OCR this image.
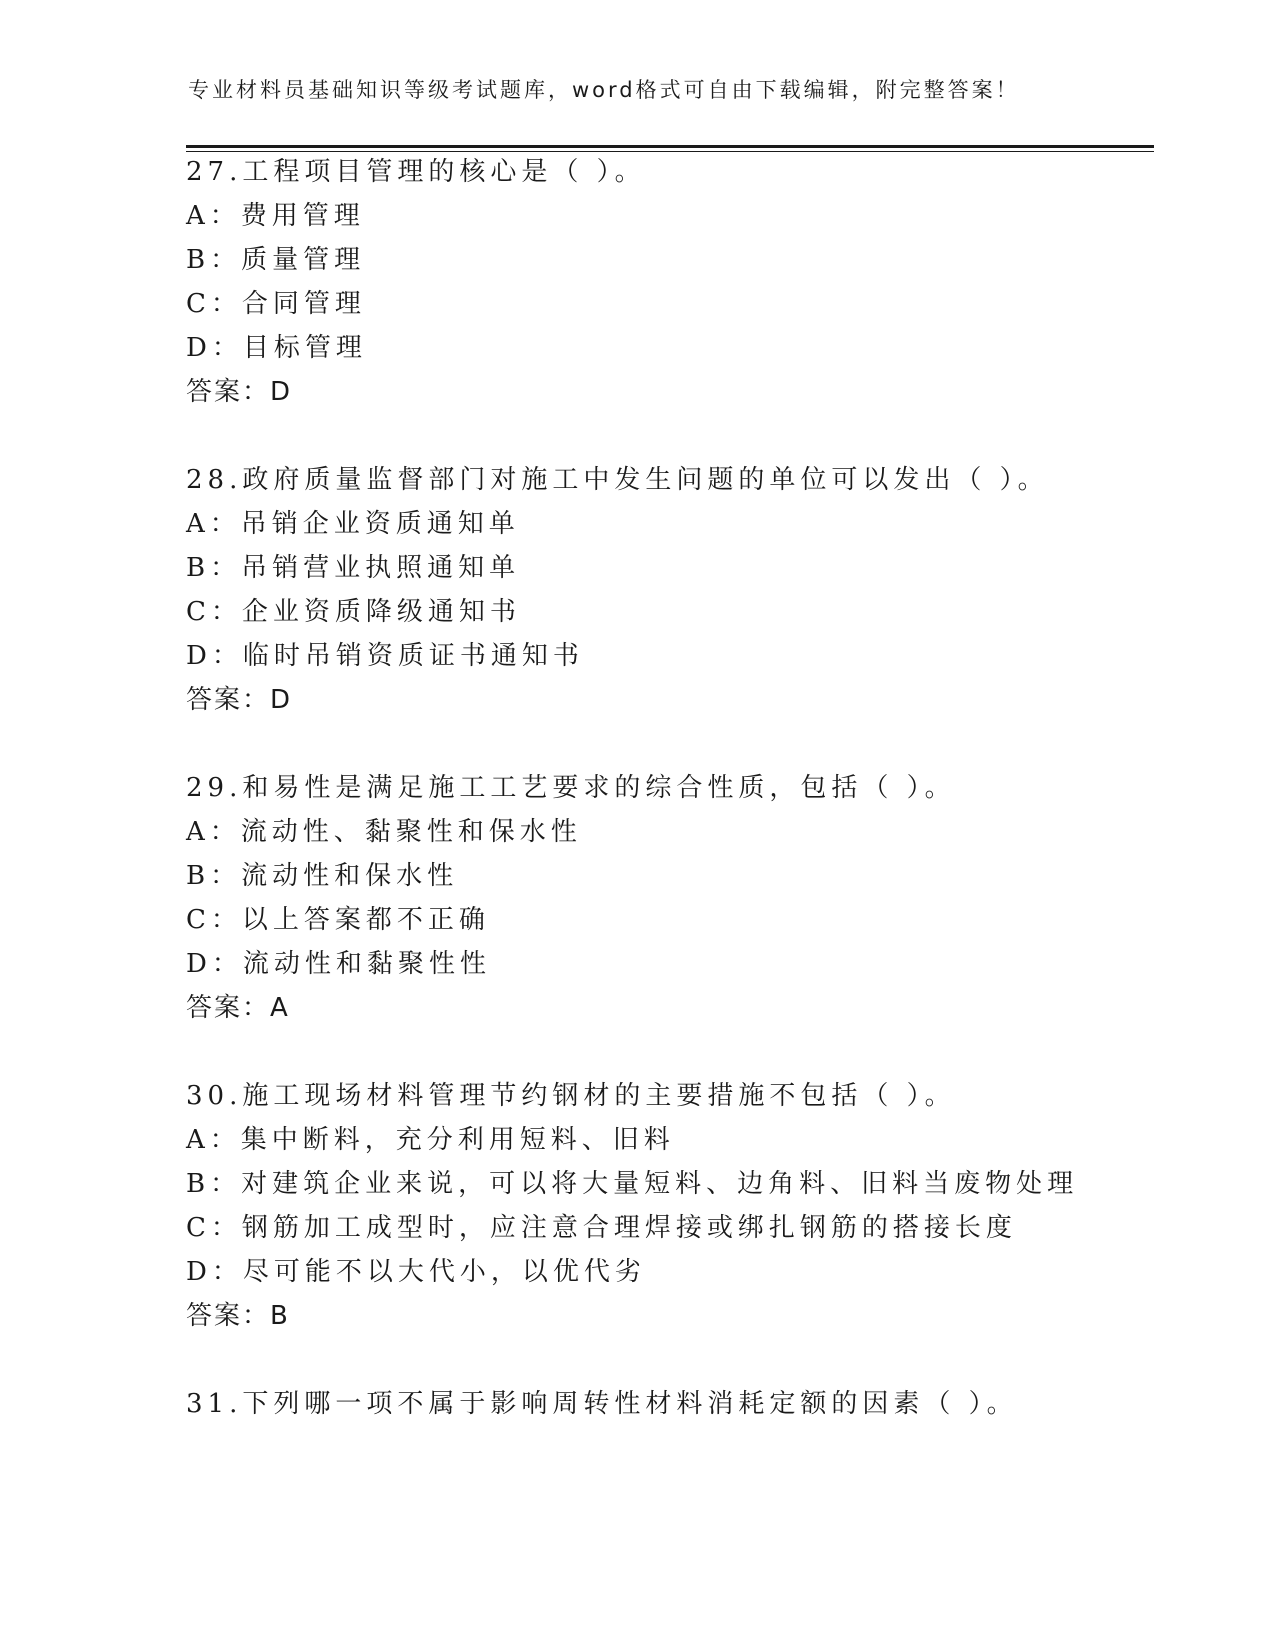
专业材料员基础知识等级考试题库，word格式可自由下载编辑，附完整答案！
27.工程项目管理的核心是（ ）。
A：费用管理
B：质量管理
C：合同管理
D：目标管理
答案：D
28.政府质量监督部门对施工中发生问题的单位可以发出（ ）。
A：吊销企业资质通知单
B：吊销营业执照通知单
C：企业资质降级通知书
D：临时吊销资质证书通知书
答案：D
29.和易性是满足施工工艺要求的综合性质，包括（ ）。
A：流动性、黏聚性和保水性
B：流动性和保水性
C：以上答案都不正确
D：流动性和黏聚性性
答案：A
30.施工现场材料管理节约钢材的主要措施不包括（ ）。
A：集中断料，充分利用短料、旧料
B：对建筑企业来说，可以将大量短料、边角料、旧料当废物处理
C：钢筋加工成型时，应注意合理焊接或绑扎钢筋的搭接长度
D：尽可能不以大代小，以优代劣
答案：B
31.下列哪一项不属于影响周转性材料消耗定额的因素（ ）。
